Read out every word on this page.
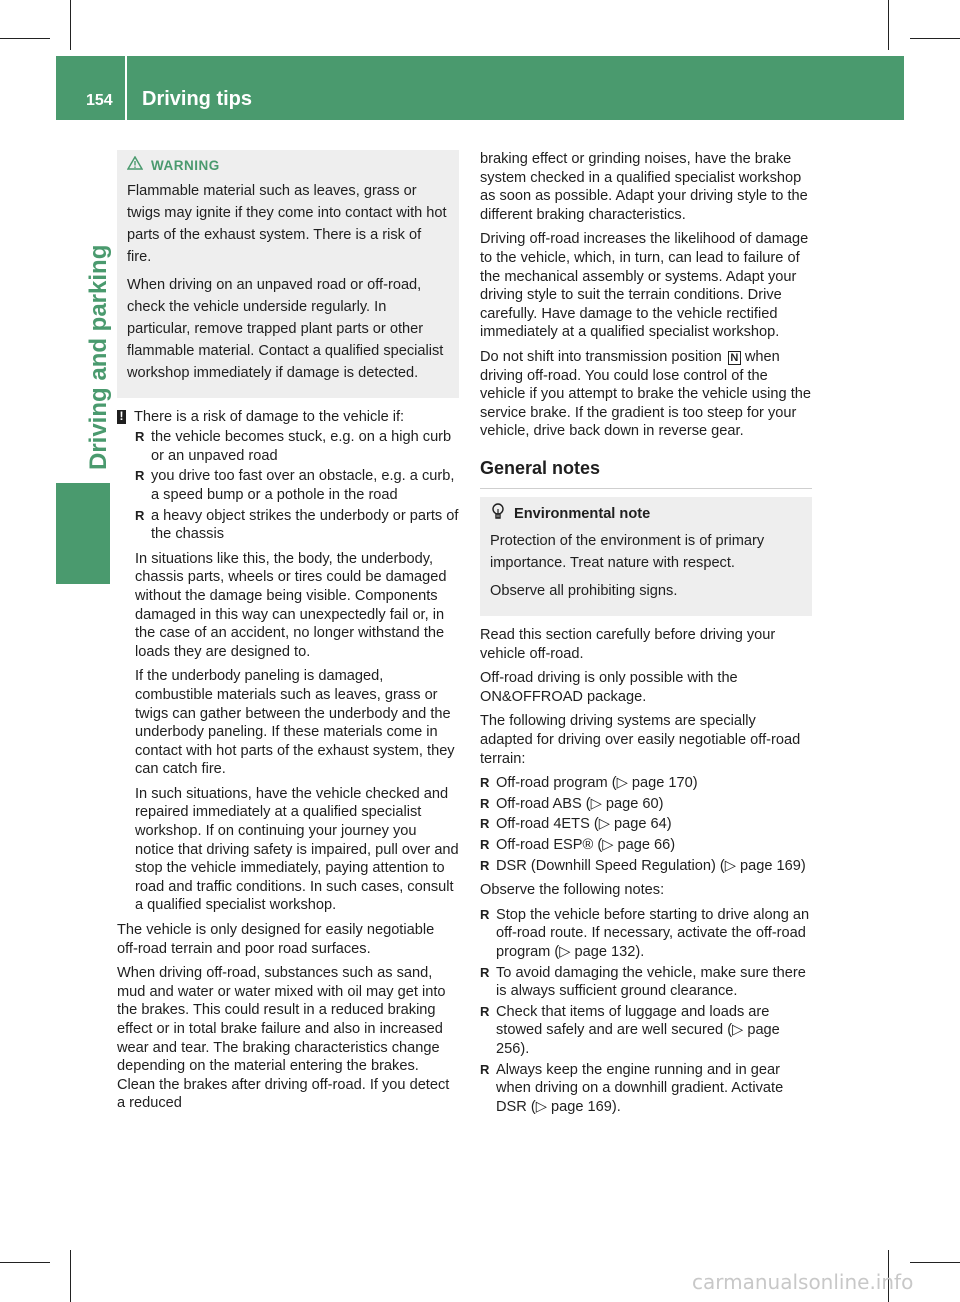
154 Driving tips
Driving and parking
WARNING

Flammable material such as leaves, grass or twigs may ignite if they come into contact with hot parts of the exhaust system. There is a risk of fire.

When driving on an unpaved road or off-road, check the vehicle underside regularly. In particular, remove trapped plant parts or other flammable material. Contact a qualified specialist workshop immediately if damage is detected.

! There is a risk of damage to the vehicle if:
R the vehicle becomes stuck, e.g. on a high curb or an unpaved road
R you drive too fast over an obstacle, e.g. a curb, a speed bump or a pothole in the road
R a heavy object strikes the underbody or parts of the chassis

In situations like this, the body, the underbody, chassis parts, wheels or tires could be damaged without the damage being visible. Components damaged in this way can unexpectedly fail or, in the case of an accident, no longer withstand the loads they are designed to.

If the underbody paneling is damaged, combustible materials such as leaves, grass or twigs can gather between the underbody and the underbody paneling. If these materials come in contact with hot parts of the exhaust system, they can catch fire.

In such situations, have the vehicle checked and repaired immediately at a qualified specialist workshop. If on continuing your journey you notice that driving safety is impaired, pull over and stop the vehicle immediately, paying attention to road and traffic conditions. In such cases, consult a qualified specialist workshop.

The vehicle is only designed for easily negotiable off-road terrain and poor road surfaces.

When driving off-road, substances such as sand, mud and water or water mixed with oil may get into the brakes. This could result in a reduced braking effect or in total brake failure and also in increased wear and tear. The braking characteristics change depending on the material entering the brakes. Clean the brakes after driving off-road. If you detect a reduced

braking effect or grinding noises, have the brake system checked in a qualified specialist workshop as soon as possible. Adapt your driving style to the different braking characteristics.

Driving off-road increases the likelihood of damage to the vehicle, which, in turn, can lead to failure of the mechanical assembly or systems. Adapt your driving style to suit the terrain conditions. Drive carefully. Have damage to the vehicle rectified immediately at a qualified specialist workshop.

Do not shift into transmission position N when driving off-road. You could lose control of the vehicle if you attempt to brake the vehicle using the service brake. If the gradient is too steep for your vehicle, drive back down in reverse gear.

General notes
Environmental note

Protection of the environment is of primary importance. Treat nature with respect.

Observe all prohibiting signs.

Read this section carefully before driving your vehicle off-road.

Off-road driving is only possible with the ON&OFFROAD package.

The following driving systems are specially adapted for driving over easily negotiable off-road terrain:

R Off-road program (▷ page 170)
R Off-road ABS (▷ page 60)
R Off-road 4ETS (▷ page 64)
R Off-road ESP® (▷ page 66)
R DSR (Downhill Speed Regulation) (▷ page 169)

Observe the following notes:

R Stop the vehicle before starting to drive along an off-road route. If necessary, activate the off-road program (▷ page 132).
R To avoid damaging the vehicle, make sure there is always sufficient ground clearance.
R Check that items of luggage and loads are stowed safely and are well secured (▷ page 256).
R Always keep the engine running and in gear when driving on a downhill gradient. Activate DSR (▷ page 169).
carmanualsonline.info
